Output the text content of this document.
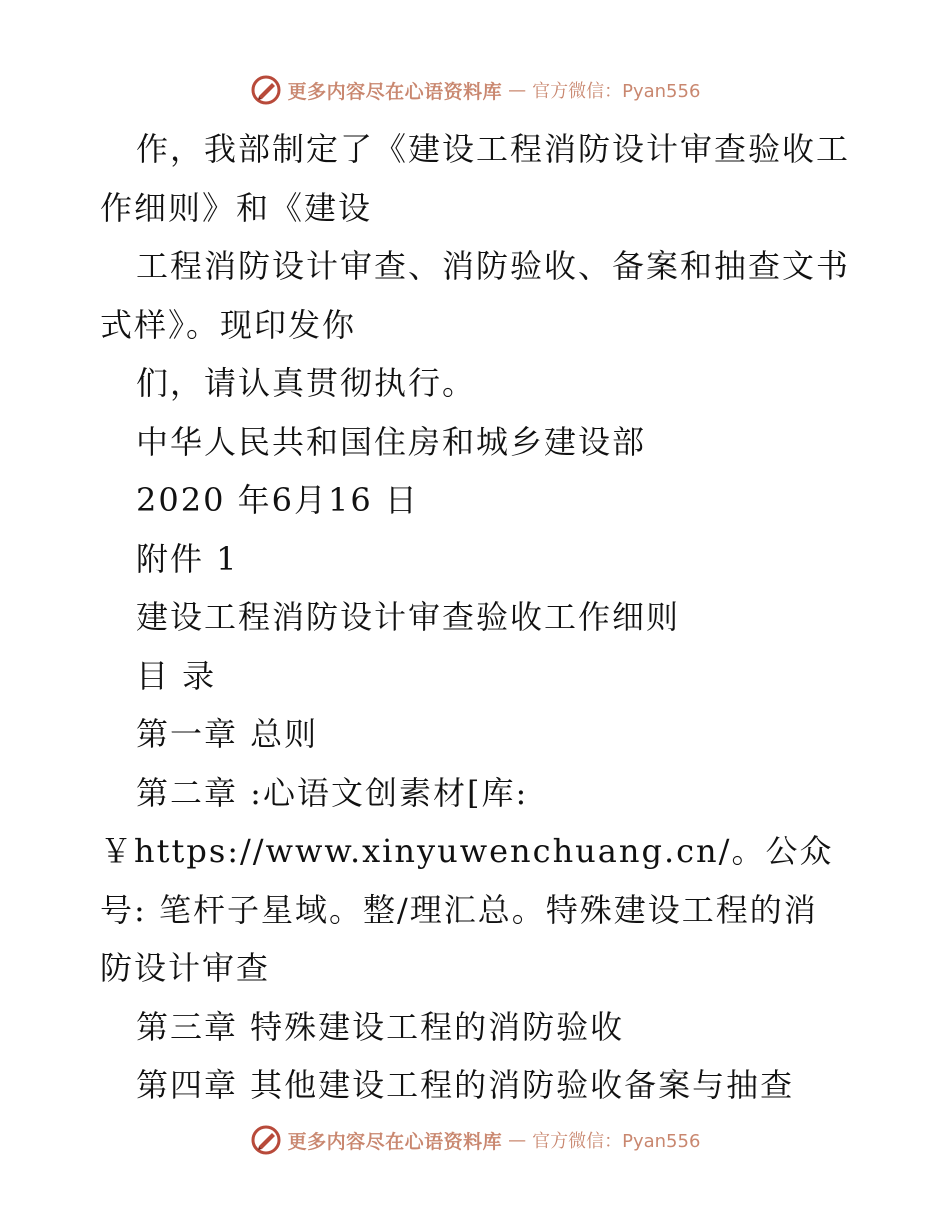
更多内容尽在心语资料库 — 官方微信：Pyan556

作，我部制定了《建设工程消防设计审查验收工作细则》和《建设

工程消防设计审查、消防验收、备案和抽查文书式样》。现印发你

们，请认真贯彻执行。

中华人民共和国住房和城乡建设部

2020 年6月16 日

附件 1

建设工程消防设计审查验收工作细则

目 录

第一章 总则

第二章 :心语文创素材[库:

￥https://www.xinyuwenchuang.cn/。公众号: 笔杆子星域。整/理汇总。特殊建设工程的消防设计审查

第三章 特殊建设工程的消防验收

第四章 其他建设工程的消防验收备案与抽查

更多内容尽在心语资料库 — 官方微信：Pyan556
